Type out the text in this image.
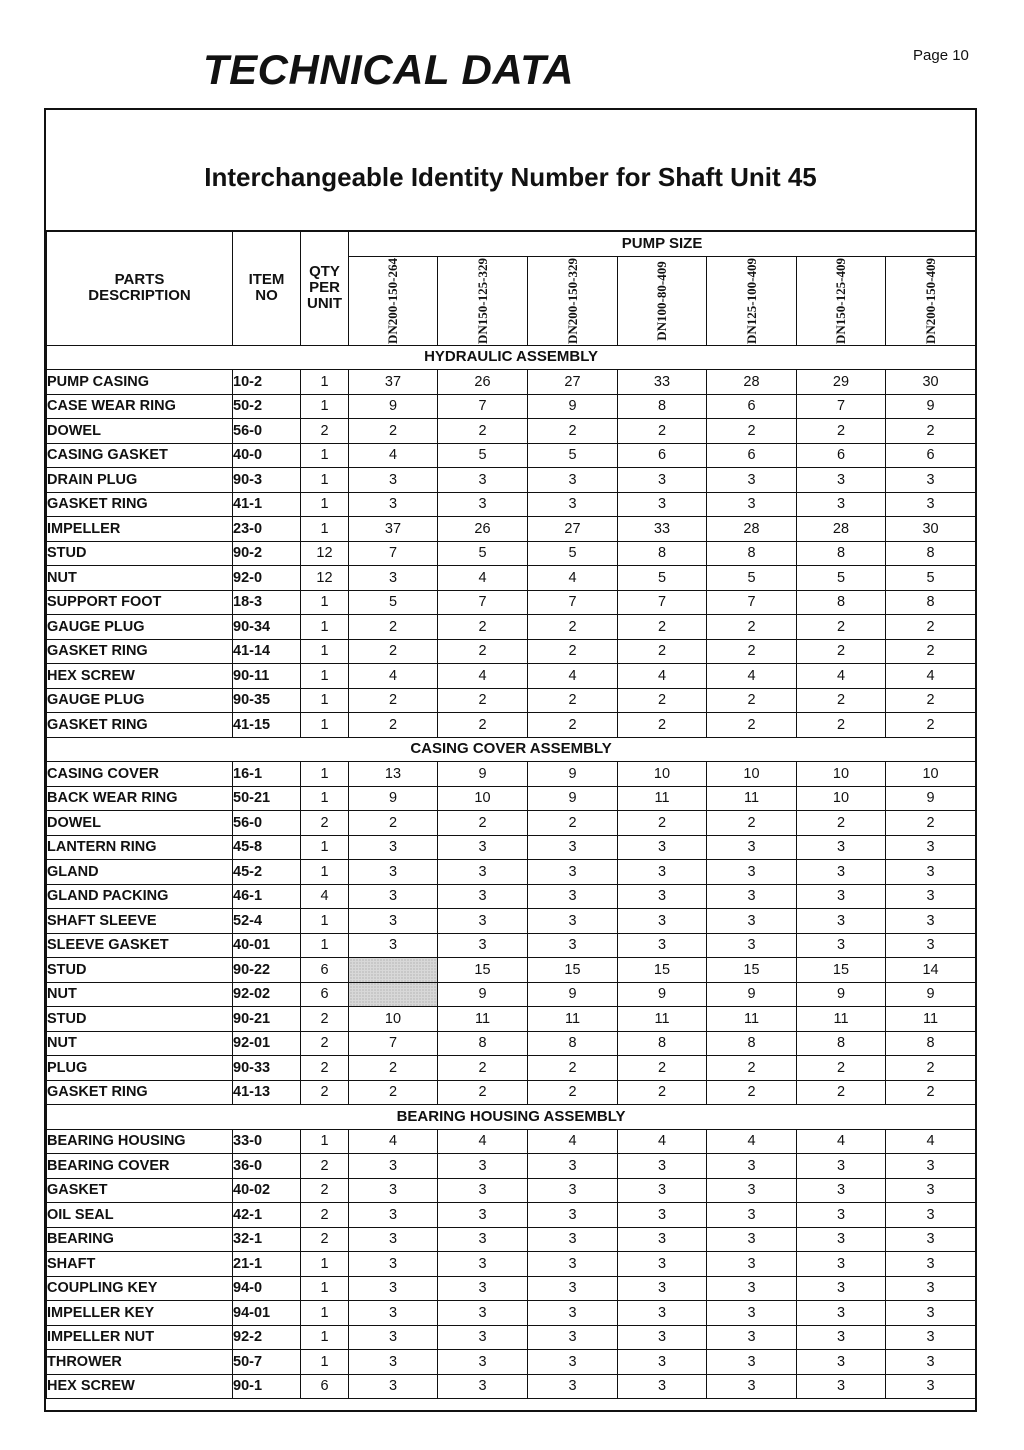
TECHNICAL DATA	Page 10
Interchangeable Identity Number for Shaft Unit 45
PARTS DESCRIPTION	ITEM NO	QTY PER UNIT	PUMP SIZE						

			DN200-150-264	DN150-125-329	DN200-150-329	DN100-80-409	DN125-100-409	DN150-125-409	DN200-150-409

HYDRAULIC ASSEMBLY									
PUMP CASING	10-2	1	37	26	27	33	28	29	30
CASE WEAR RING	50-2	1	9	7	9	8	6	7	9
DOWEL	56-0	2	2	2	2	2	2	2	2
CASING GASKET	40-0	1	4	5	5	6	6	6	6
DRAIN PLUG	90-3	1	3	3	3	3	3	3	3
GASKET RING	41-1	1	3	3	3	3	3	3	3
IMPELLER	23-0	1	37	26	27	33	28	28	30
STUD	90-2	12	7	5	5	8	8	8	8
NUT	92-0	12	3	4	4	5	5	5	5
SUPPORT FOOT	18-3	1	5	7	7	7	7	8	8
GAUGE PLUG	90-34	1	2	2	2	2	2	2	2
GASKET RING	41-14	1	2	2	2	2	2	2	2
HEX SCREW	90-11	1	4	4	4	4	4	4	4
GAUGE PLUG	90-35	1	2	2	2	2	2	2	2
GASKET RING	41-15	1	2	2	2	2	2	2	2
CASING COVER ASSEMBLY									
CASING COVER	16-1	1	13	9	9	10	10	10	10
BACK WEAR RING	50-21	1	9	10	9	11	11	10	9
DOWEL	56-0	2	2	2	2	2	2	2	2
LANTERN RING	45-8	1	3	3	3	3	3	3	3
GLAND	45-2	1	3	3	3	3	3	3	3
GLAND PACKING	46-1	4	3	3	3	3	3	3	3
SHAFT SLEEVE	52-4	1	3	3	3	3	3	3	3
SLEEVE GASKET	40-01	1	3	3	3	3	3	3	3
STUD	90-22	6		15	15	15	15	15	14
NUT	92-02	6		9	9	9	9	9	9
STUD	90-21	2	10	11	11	11	11	11	11
NUT	92-01	2	7	8	8	8	8	8	8
PLUG	90-33	2	2	2	2	2	2	2	2
GASKET RING	41-13	2	2	2	2	2	2	2	2
BEARING HOUSING ASSEMBLY									
BEARING HOUSING	33-0	1	4	4	4	4	4	4	4
BEARING COVER	36-0	2	3	3	3	3	3	3	3
GASKET	40-02	2	3	3	3	3	3	3	3
OIL SEAL	42-1	2	3	3	3	3	3	3	3
BEARING	32-1	2	3	3	3	3	3	3	3
SHAFT	21-1	1	3	3	3	3	3	3	3
COUPLING KEY	94-0	1	3	3	3	3	3	3	3
IMPELLER KEY	94-01	1	3	3	3	3	3	3	3
IMPELLER NUT	92-2	1	3	3	3	3	3	3	3
THROWER	50-7	1	3	3	3	3	3	3	3
HEX SCREW	90-1	6	3	3	3	3	3	3	3
